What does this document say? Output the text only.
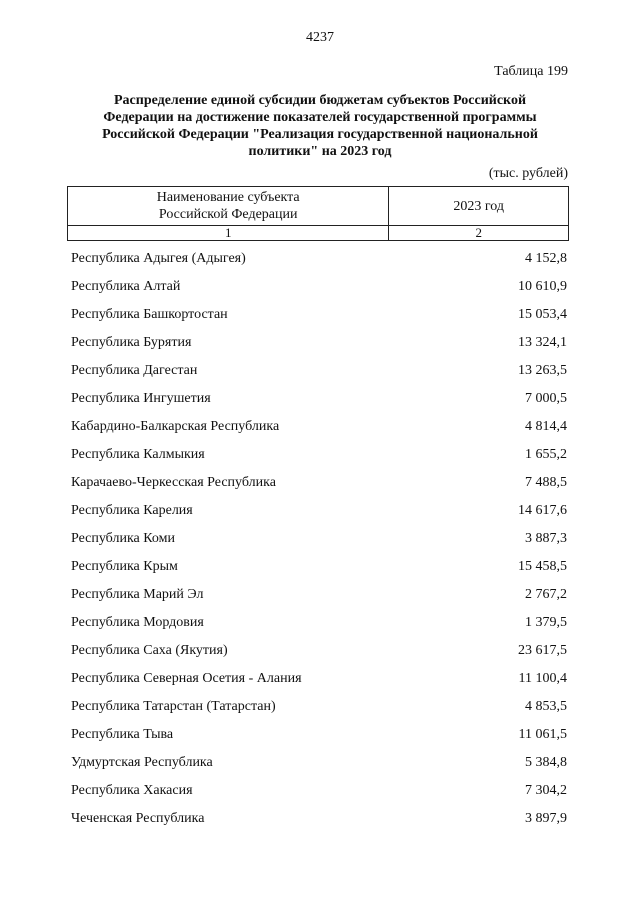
4237
Таблица 199
Распределение единой субсидии бюджетам субъектов Российской
Федерации на достижение показателей государственной программы
Российской Федерации "Реализация государственной национальной
политики" на 2023 год
(тыс. рублей)
Наименование субъекта
Российской Федерации	2023 год
1	2
Республика Адыгея (Адыгея)	4 152,8
Республика Алтай	10 610,9
Республика Башкортостан	15 053,4
Республика Бурятия	13 324,1
Республика Дагестан	13 263,5
Республика Ингушетия	7 000,5
Кабардино-Балкарская Республика	4 814,4
Республика Калмыкия	1 655,2
Карачаево-Черкесская Республика	7 488,5
Республика Карелия	14 617,6
Республика Коми	3 887,3
Республика Крым	15 458,5
Республика Марий Эл	2 767,2
Республика Мордовия	1 379,5
Республика Саха (Якутия)	23 617,5
Республика Северная Осетия - Алания	11 100,4
Республика Татарстан (Татарстан)	4 853,5
Республика Тыва	11 061,5
Удмуртская Республика	5 384,8
Республика Хакасия	7 304,2
Чеченская Республика	3 897,9
